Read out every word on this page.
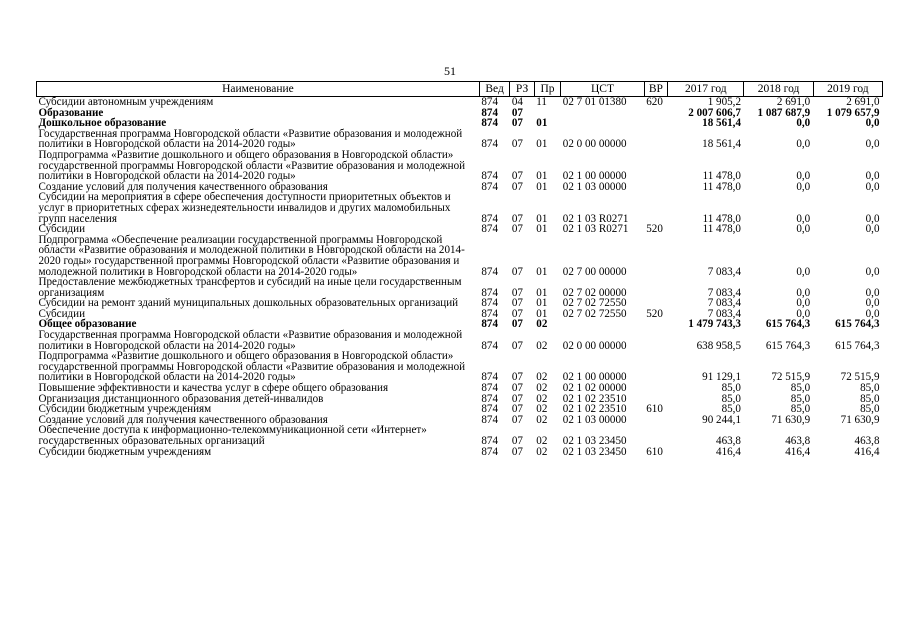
51
Наименование	Вед	РЗ	Пр	ЦСТ	ВР	2017 год	2018 год	2019 год
Субсидии автономным учреждениям	874	04	11	02 7 01 01380	620	1 905,2	2 691,0	2 691,0
Образование	874	07				2 007 606,7	1 087 687,9	1 079 657,9
Дошкольное образование	874	07	01			18 561,4	0,0	0,0
Государственная программа Новгородской области «Развитие образования и молодежной политики в Новгородской области на 2014-2020 годы»	874	07	01	02 0 00 00000		18 561,4	0,0	0,0
Подпрограмма «Развитие дошкольного и общего образования в Новгородской области» государственной программы Новгородской области «Развитие образования и молодежной политики в Новгородской области на 2014-2020 годы»	874	07	01	02 1 00 00000		11 478,0	0,0	0,0
Создание условий для получения качественного образования	874	07	01	02 1 03 00000		11 478,0	0,0	0,0
Субсидии на мероприятия в сфере обеспечения доступности приоритетных объектов и услуг в приоритетных сферах жизнедеятельности инвалидов и других маломобильных групп населения	874	07	01	02 1 03 R0271		11 478,0	0,0	0,0
Субсидии	874	07	01	02 1 03 R0271	520	11 478,0	0,0	0,0
Подпрограмма «Обеспечение реализации государственной программы Новгородской области «Развитие образования и молодежной политики в Новгородской области на 2014-2020 годы» государственной программы Новгородской области «Развитие образования и молодежной политики в Новгородской области на 2014-2020 годы»	874	07	01	02 7 00 00000		7 083,4	0,0	0,0
Предоставление межбюджетных трансфертов и субсидий на иные цели государственным организациям	874	07	01	02 7 02 00000		7 083,4	0,0	0,0
Субсидии на ремонт зданий муниципальных дошкольных образовательных организаций	874	07	01	02 7 02 72550		7 083,4	0,0	0,0
Субсидии	874	07	01	02 7 02 72550	520	7 083,4	0,0	0,0
Общее образование	874	07	02			1 479 743,3	615 764,3	615 764,3
Государственная программа Новгородской области «Развитие образования и молодежной политики в Новгородской области на 2014-2020 годы»	874	07	02	02 0 00 00000		638 958,5	615 764,3	615 764,3
Подпрограмма «Развитие дошкольного и общего образования в Новгородской области» государственной программы Новгородской области «Развитие образования и молодежной политики в Новгородской области на 2014-2020 годы»	874	07	02	02 1 00 00000		91 129,1	72 515,9	72 515,9
Повышение эффективности и качества услуг в сфере общего образования	874	07	02	02 1 02 00000		85,0	85,0	85,0
Организация дистанционного образования детей-инвалидов	874	07	02	02 1 02 23510		85,0	85,0	85,0
Субсидии бюджетным учреждениям	874	07	02	02 1 02 23510	610	85,0	85,0	85,0
Создание условий для получения качественного образования	874	07	02	02 1 03 00000		90 244,1	71 630,9	71 630,9
Обеспечение доступа к информационно-телекоммуникационной сети «Интернет» государственных образовательных организаций	874	07	02	02 1 03 23450		463,8	463,8	463,8
Субсидии бюджетным учреждениям	874	07	02	02 1 03 23450	610	416,4	416,4	416,4
